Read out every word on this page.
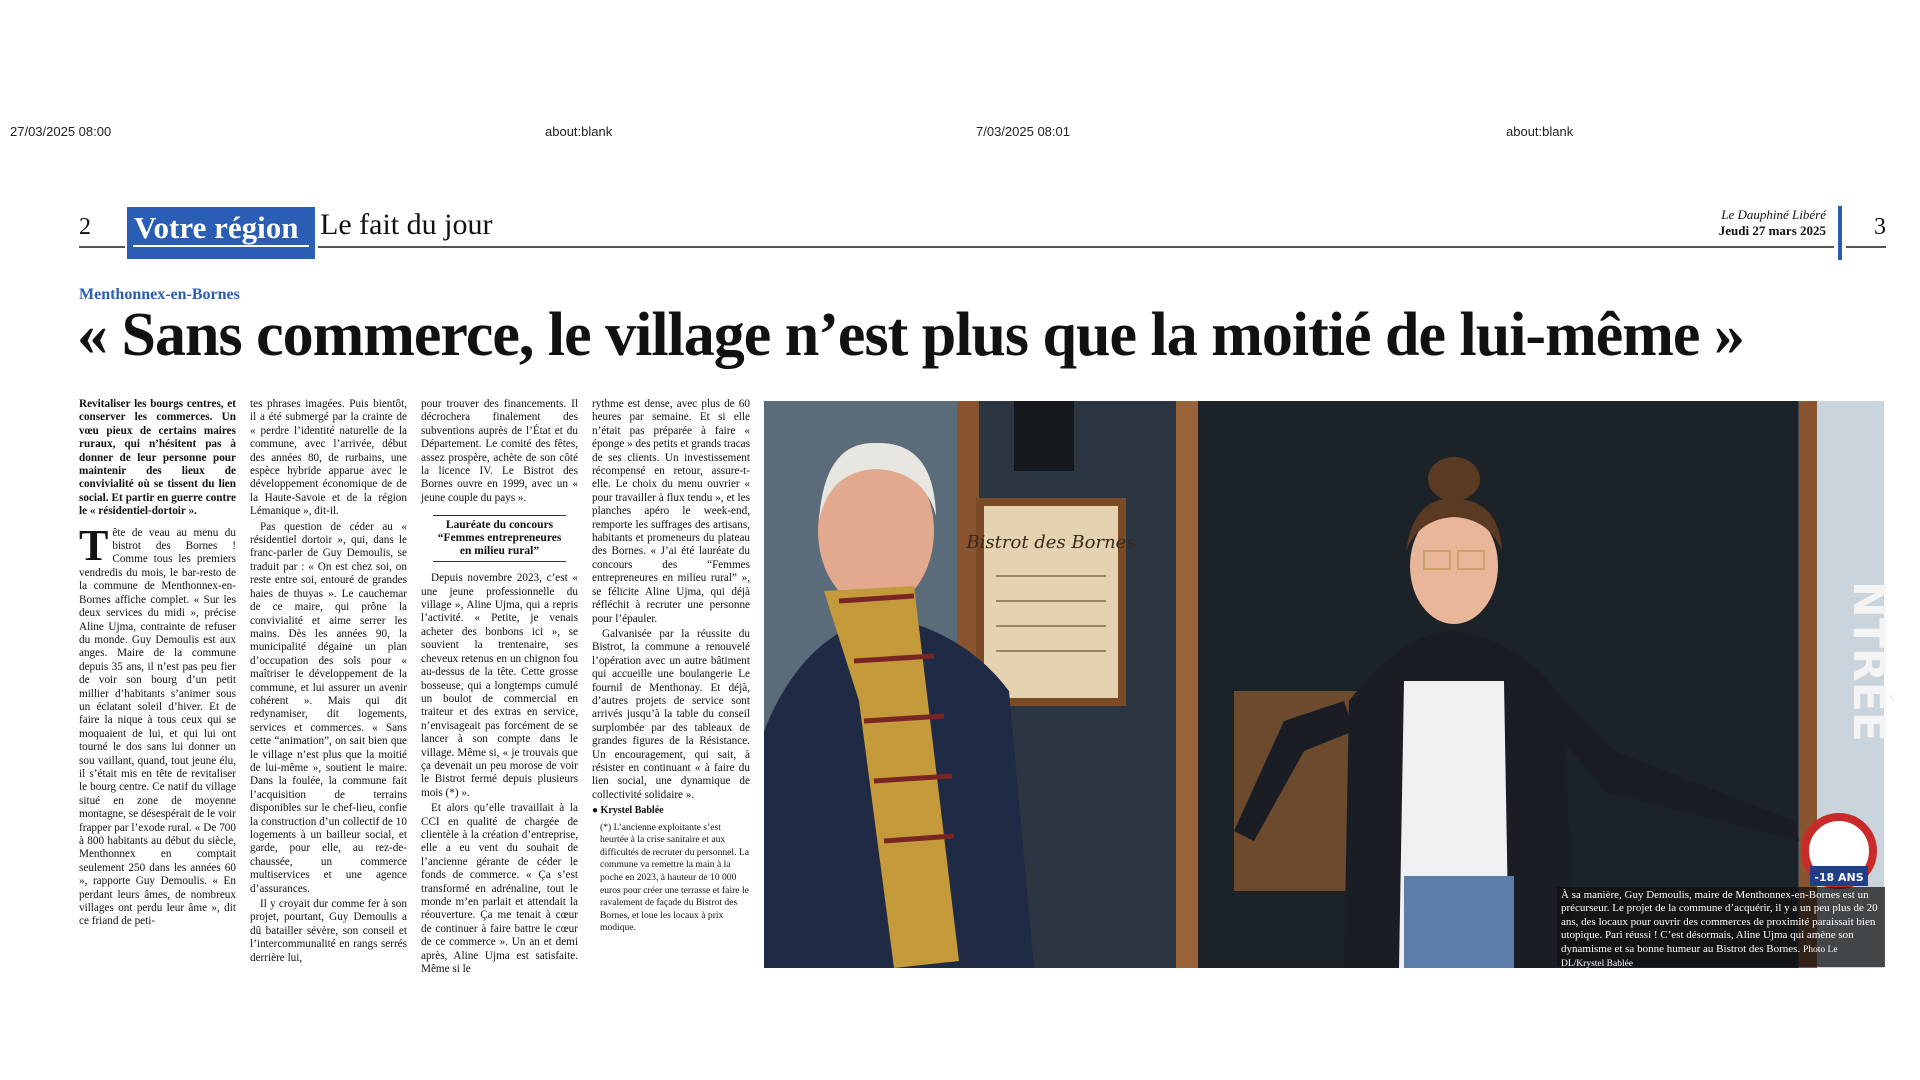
27/03/2025 08:00	about:blank	7/03/2025 08:01	about:blank
2 Votre région Le fait du jour	Le Dauphiné Libéré
Jeudi 27 mars 2025 3
Menthonnex-en-Bornes
« Sans commerce, le village n’est plus que la moitié de lui-même »
Revitaliser les bourgs centres, et conserver les commerces. Un vœu pieux de certains maires ruraux, qui n’hésitent pas à donner de leur personne pour maintenir des lieux de convivialité où se tissent du lien social. Et partir en guerre contre le « résidentiel-dortoir ».

Tête de veau au menu du bistrot des Bornes ! Comme tous les premiers vendredis du mois, le bar-resto de la commune de Menthonnex-en-Bornes affiche complet. « Sur les deux services du midi », précise Aline Ujma, contrainte de refuser du monde. Guy Demoulis est aux anges. Maire de la commune depuis 35 ans, il n’est pas peu fier de voir son bourg d’un petit millier d’habitants s’animer sous un éclatant soleil d’hiver. Et de faire la nique à tous ceux qui se moquaient de lui, et qui lui ont tourné le dos sans lui donner un sou vaillant, quand, tout jeune élu, il s’était mis en tête de revitaliser le bourg centre. Ce natif du village situé en zone de moyenne montagne, se désespérait de le voir frapper par l’exode rural. « De 700 à 800 habitants au début du siècle, Menthonnex en comptait seulement 250 dans les années 60 », rapporte Guy Demoulis. « En perdant leurs âmes, de nombreux villages ont perdu leur âme », dit ce friand de peti-

tes phrases imagées. Puis bientôt, il a été submergé par la crainte de « perdre l’identité naturelle de la commune, avec l’arrivée, début des années 80, de rurbains, une espèce hybride apparue avec le développement économique de de la Haute-Savoie et de la région Lémanique », dit-il.

Pas question de céder au « résidentiel dortoir », qui, dans le franc-parler de Guy Demoulis, se traduit par : « On est chez soi, on reste entre soi, entouré de grandes haies de thuyas ». Le cauchemar de ce maire, qui prône la convivialité et aime serrer les mains. Dès les années 90, la municipalité dégaine un plan d’occupation des sols pour « maîtriser le développement de la commune, et lui assurer un avenir cohérent ». Mais qui dit redynamiser, dit logements, services et commerces. « Sans cette “animation”, on sait bien que le village n’est plus que la moitié de lui-même », soutient le maire. Dans la foulée, la commune fait l’acquisition de terrains disponibles sur le chef-lieu, confie la construction d’un collectif de 10 logements à un bailleur social, et garde, pour elle, au rez-de-chaussée, un commerce multiservices et une agence d’assurances.

Il y croyait dur comme fer à son projet, pourtant, Guy Demoulis a dû batailler sévère, son conseil et l’intercommunalité en rangs serrés derrière lui,

pour trouver des financements. Il décrochera finalement des subventions auprès de l’État et du Département. Le comité des fêtes, assez prospère, achète de son côté la licence IV. Le Bistrot des Bornes ouvre en 1999, avec un « jeune couple du pays ».

Lauréate du concours “Femmes entrepreneures en milieu rural”

Depuis novembre 2023, c’est « une jeune professionnelle du village », Aline Ujma, qui a repris l’activité. « Petite, je venais acheter des bonbons ici », se souvient la trentenaire, ses cheveux retenus en un chignon fou au-dessus de la tête. Cette grosse bosseuse, qui a longtemps cumulé un boulot de commercial en traiteur et des extras en service, n’envisageait pas forcément de se lancer à son compte dans le village. Même si, « je trouvais que ça devenait un peu morose de voir le Bistrot fermé depuis plusieurs mois (*) ».

Et alors qu’elle travaillait à la CCI en qualité de chargée de clientèle à la création d’entreprise, elle a eu vent du souhait de l’ancienne gérante de céder le fonds de commerce. « Ça s’est transformé en adrénaline, tout le monde m’en parlait et attendait la réouverture. Ça me tenait à cœur de continuer à faire battre le cœur de ce commerce ». Un an et demi après, Aline Ujma est satisfaite. Même si le

rythme est dense, avec plus de 60 heures par semaine. Et si elle n’était pas préparée à faire « éponge » des petits et grands tracas de ses clients. Un investissement récompensé en retour, assure-t-elle. Le choix du menu ouvrier « pour travailler à flux tendu », et les planches apéro le week-end, remporte les suffrages des artisans, habitants et promeneurs du plateau des Bornes. « J’ai été lauréate du concours des “Femmes entrepreneures en milieu rural” », se félicite Aline Ujma, qui déjà réfléchit à recruter une personne pour l’épauler.

Galvanisée par la réussite du Bistrot, la commune a renouvelé l’opération avec un autre bâtiment qui accueille une boulangerie Le fournil de Menthonay. Et déjà, d’autres projets de service sont arrivés jusqu’à la table du conseil surplombée par des tableaux de grandes figures de la Résistance. Un encouragement, qui sait, à résister en continuant « à faire du lien social, une dynamique de collectivité solidaire ».

● Krystel Bablée
(*) L’ancienne exploitante s’est heurtée à la crise sanitaire et aux difficultés de recruter du personnel. La commune va remettre la main à la poche en 2023, à hauteur de 10 000 euros pour créer une terrasse et faire le ravalement de façade du Bistrot des Bornes, et loue les locaux à prix modique.
Bistrot des Bornes
NTRÉE
-18 ANS
À sa manière, Guy Demoulis, maire de Menthonnex-en-Bornes est un précurseur. Le projet de la commune d’acquérir, il y a un peu plus de 20 ans, des locaux pour ouvrir des commerces de proximité paraissait bien utopique. Pari réussi ! C’est désormais, Aline Ujma qui amène son dynamisme et sa bonne humeur au Bistrot des Bornes. Photo Le DL/Krystel Bablée
